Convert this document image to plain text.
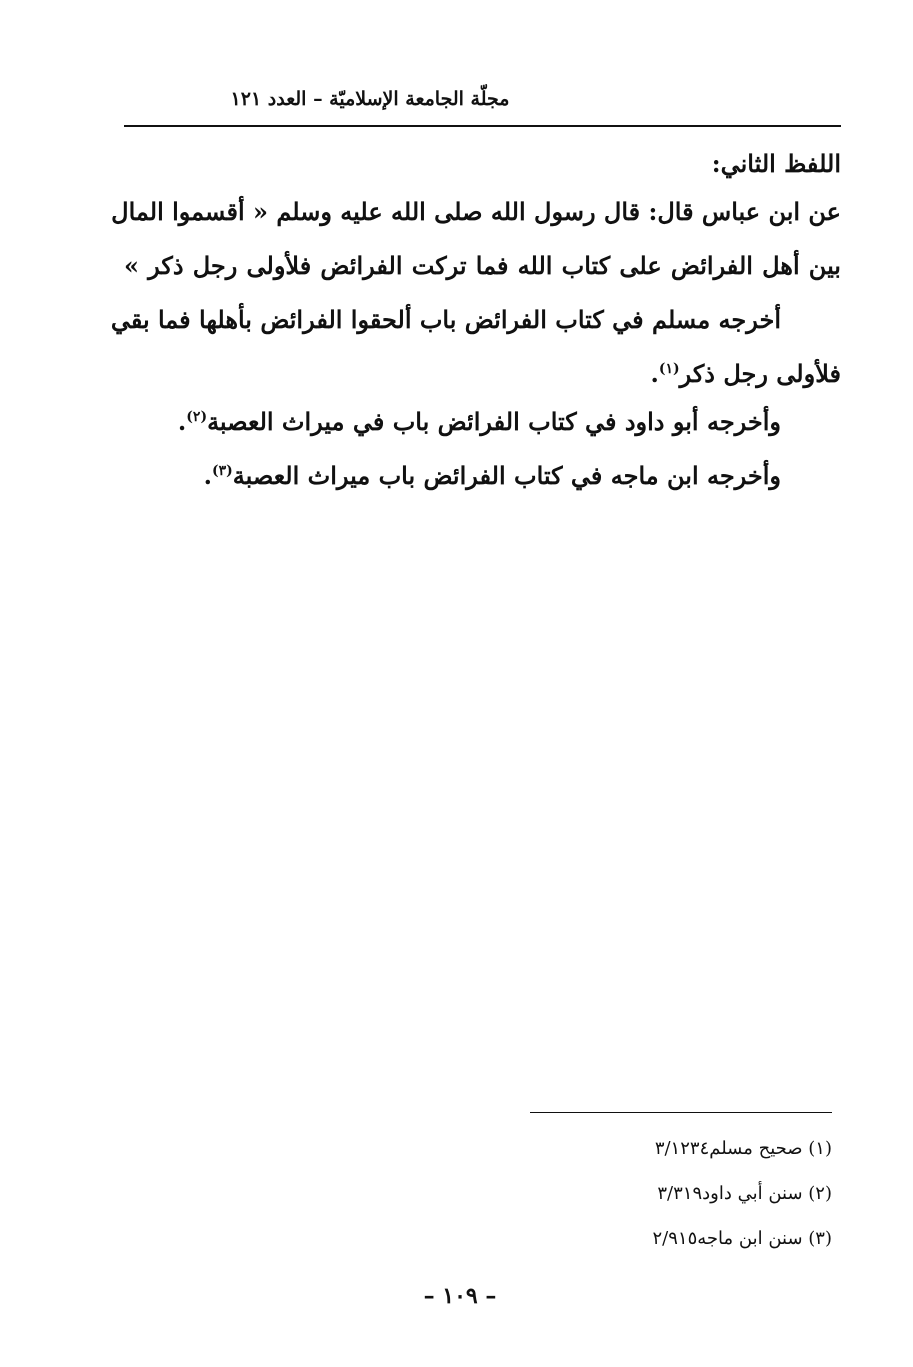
مجلّة الجامعة الإسلاميّة – العدد ١٢١
اللفظ الثاني:
عن ابن عباس قال: قال رسول الله صلى الله عليه وسلم « أقسموا المال
بين أهل الفرائض على كتاب الله فما تركت الفرائض فلأولى رجل ذكر »
أخرجه مسلم في كتاب الفرائض باب ألحقوا الفرائض بأهلها فما بقي
فلأولى رجل ذكر$^{(١)}$.
وأخرجه أبو داود في كتاب الفرائض باب في ميراث العصبة$^{(٢)}$.
وأخرجه ابن ماجه في كتاب الفرائض باب ميراث العصبة$^{(٣)}$.
(١) صحيح مسلم٣/١٢٣٤
(٢) سنن أبي داود٣/٣١٩
(٣) سنن ابن ماجه٢/٩١٥
– ١٠٩ –
